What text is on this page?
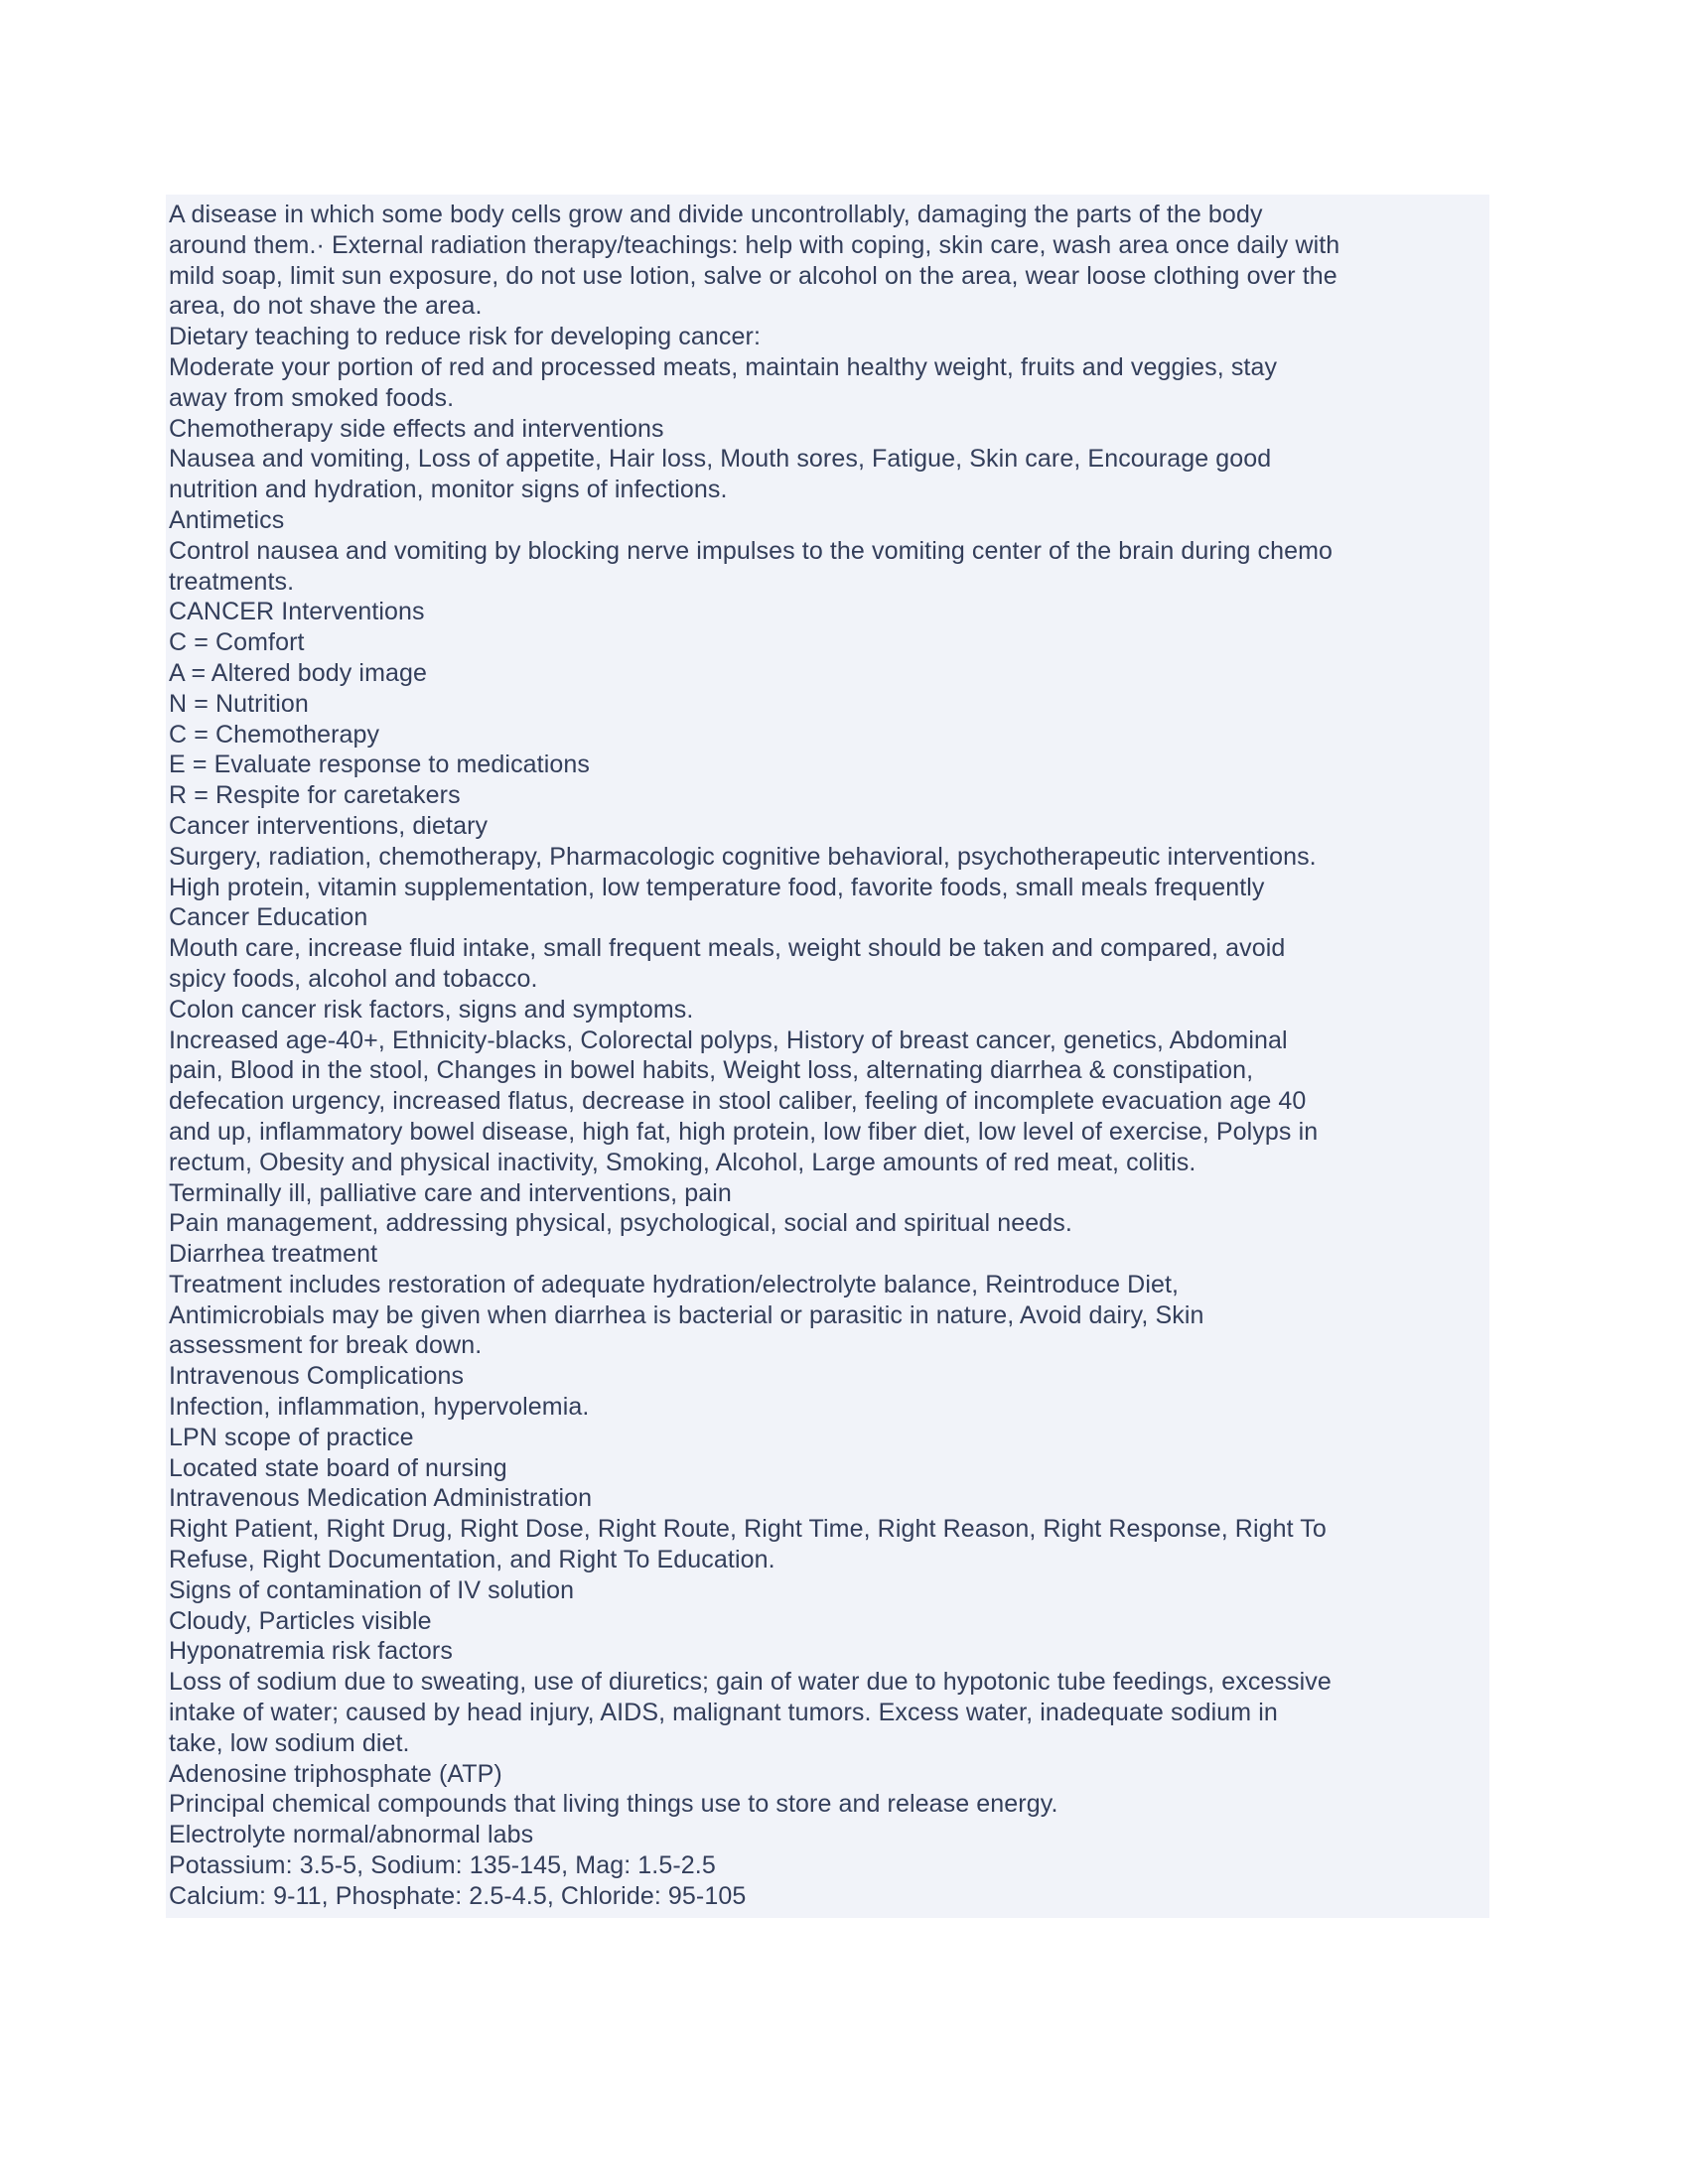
A disease in which some body cells grow and divide uncontrollably, damaging the parts of the body
around them.· External radiation therapy/teachings: help with coping, skin care, wash area once daily with
mild soap, limit sun exposure, do not use lotion, salve or alcohol on the area, wear loose clothing over the
area, do not shave the area.
Dietary teaching to reduce risk for developing cancer:
Moderate your portion of red and processed meats, maintain healthy weight, fruits and veggies, stay
away from smoked foods.
Chemotherapy side effects and interventions
Nausea and vomiting, Loss of appetite, Hair loss, Mouth sores, Fatigue, Skin care, Encourage good
nutrition and hydration, monitor signs of infections.
Antimetics
Control nausea and vomiting by blocking nerve impulses to the vomiting center of the brain during chemo
treatments.
CANCER Interventions
C = Comfort
A = Altered body image
N = Nutrition
C = Chemotherapy
E = Evaluate response to medications
R = Respite for caretakers
Cancer interventions, dietary
Surgery, radiation, chemotherapy, Pharmacologic cognitive behavioral, psychotherapeutic interventions.
High protein, vitamin supplementation, low temperature food, favorite foods, small meals frequently
Cancer Education
Mouth care, increase fluid intake, small frequent meals, weight should be taken and compared, avoid
spicy foods, alcohol and tobacco.
Colon cancer risk factors, signs and symptoms.
Increased age-40+, Ethnicity-blacks, Colorectal polyps, History of breast cancer, genetics, Abdominal
pain, Blood in the stool, Changes in bowel habits, Weight loss, alternating diarrhea & constipation,
defecation urgency, increased flatus, decrease in stool caliber, feeling of incomplete evacuation age 40
and up, inflammatory bowel disease, high fat, high protein, low fiber diet, low level of exercise, Polyps in
rectum, Obesity and physical inactivity, Smoking, Alcohol, Large amounts of red meat, colitis.
Terminally ill, palliative care and interventions, pain
Pain management, addressing physical, psychological, social and spiritual needs.
Diarrhea treatment
Treatment includes restoration of adequate hydration/electrolyte balance, Reintroduce Diet,
Antimicrobials may be given when diarrhea is bacterial or parasitic in nature, Avoid dairy, Skin
assessment for break down.
Intravenous Complications
Infection, inflammation, hypervolemia.
LPN scope of practice
Located state board of nursing
Intravenous Medication Administration
Right Patient, Right Drug, Right Dose, Right Route, Right Time, Right Reason, Right Response, Right To
Refuse, Right Documentation, and Right To Education.
Signs of contamination of IV solution
Cloudy, Particles visible
Hyponatremia risk factors
Loss of sodium due to sweating, use of diuretics; gain of water due to hypotonic tube feedings, excessive
intake of water; caused by head injury, AIDS, malignant tumors. Excess water, inadequate sodium in
take, low sodium diet.
Adenosine triphosphate (ATP)
Principal chemical compounds that living things use to store and release energy.
Electrolyte normal/abnormal labs
Potassium: 3.5-5, Sodium: 135-145, Mag: 1.5-2.5
Calcium: 9-11, Phosphate: 2.5-4.5, Chloride: 95-105
